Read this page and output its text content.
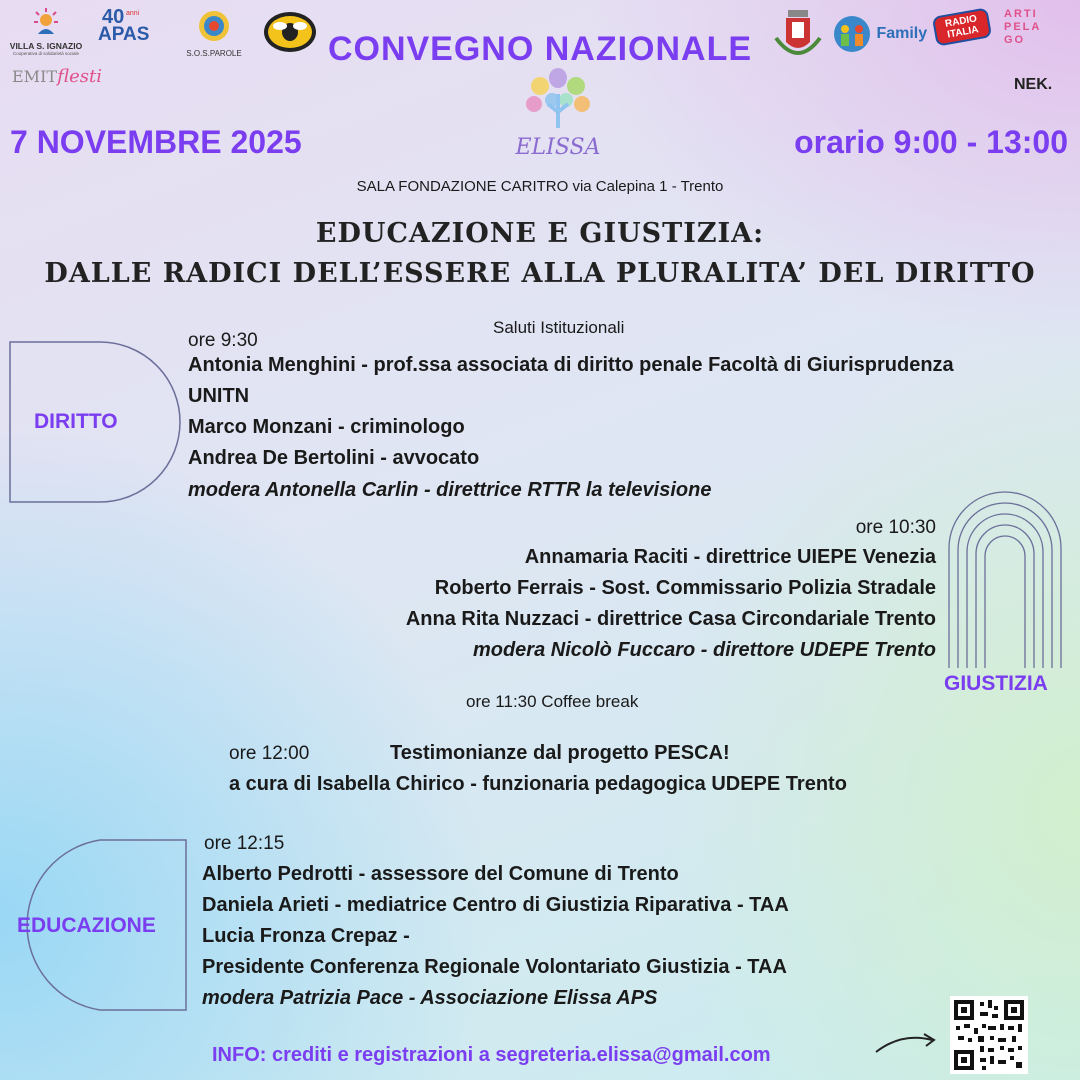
VILLA S. IGNAZIO
Cooperativa di solidarietà sociale
40 anni
APAS
S.O.S.PAROLE
EMITflesti
ELISSA
Family
RADIO ITALIA
ARTI PELA GO
NEK.
CONVEGNO NAZIONALE
7 NOVEMBRE 2025	orario 9:00 - 13:00
SALA FONDAZIONE CARITRO via Calepina 1 - Trento
EDUCAZIONE E GIUSTIZIA:
DALLE RADICI DELL’ESSERE ALLA PLURALITA’ DEL DIRITTO
DIRITTO
Saluti Istituzionali
ore 9:30
Antonia Menghini - prof.ssa associata di diritto penale Facoltà di Giurisprudenza
UNITN
Marco Monzani - criminologo
Andrea De Bertolini - avvocato
modera Antonella Carlin - direttrice RTTR la televisione
GIUSTIZIA
ore 10:30
Annamaria Raciti - direttrice UIEPE Venezia
Roberto Ferrais - Sost. Commissario Polizia Stradale
Anna Rita Nuzzaci - direttrice Casa Circondariale Trento
modera Nicolò Fuccaro - direttore UDEPE Trento
ore 11:30 Coffee break
ore 12:00	Testimonianze dal progetto PESCA!
a cura di Isabella Chirico - funzionaria pedagogica UDEPE Trento
EDUCAZIONE
ore 12:15
Alberto Pedrotti - assessore del Comune di Trento
Daniela Arieti - mediatrice Centro di Giustizia Riparativa - TAA
Lucia Fronza Crepaz -
Presidente Conferenza Regionale Volontariato Giustizia - TAA
modera Patrizia Pace - Associazione Elissa APS
INFO: crediti e registrazioni a segreteria.elissa@gmail.com
